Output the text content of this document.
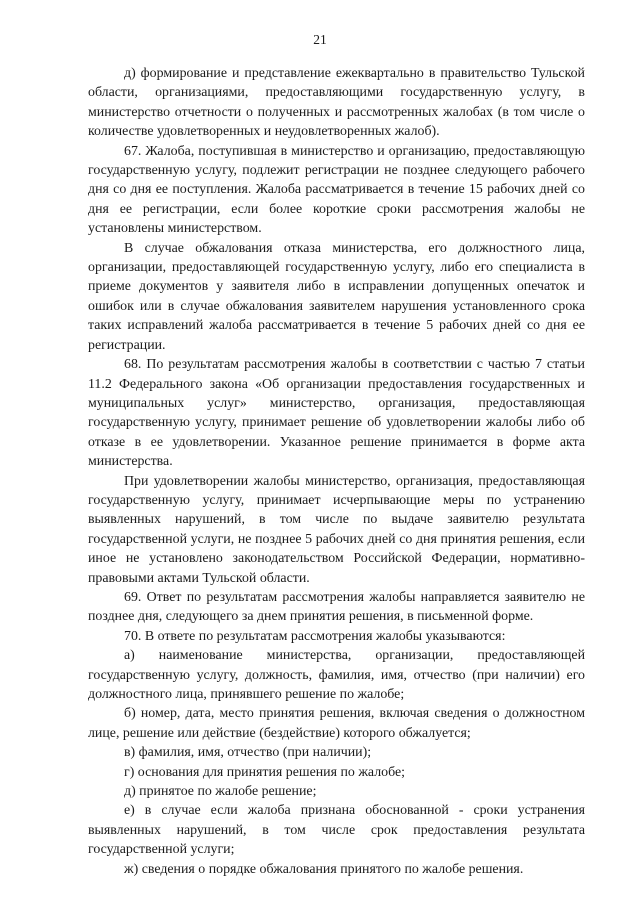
21

д) формирование и представление ежеквартально в правительство Тульской области, организациями, предоставляющими государственную услугу, в министерство отчетности о полученных и рассмотренных жалобах (в том числе о количестве удовлетворенных и неудовлетворенных жалоб).

67. Жалоба, поступившая в министерство и организацию, предоставляющую государственную услугу, подлежит регистрации не позднее следующего рабочего дня со дня ее поступления. Жалоба рассматривается в течение 15 рабочих дней со дня ее регистрации, если более короткие сроки рассмотрения жалобы не установлены министерством.

В случае обжалования отказа министерства, его должностного лица, организации, предоставляющей государственную услугу, либо его специалиста в приеме документов у заявителя либо в исправлении допущенных опечаток и ошибок или в случае обжалования заявителем нарушения установленного срока таких исправлений жалоба рассматривается в течение 5 рабочих дней со дня ее регистрации.

68. По результатам рассмотрения жалобы в соответствии с частью 7 статьи 11.2 Федерального закона «Об организации предоставления государственных и муниципальных услуг» министерство, организация, предоставляющая государственную услугу, принимает решение об удовлетворении жалобы либо об отказе в ее удовлетворении. Указанное решение принимается в форме акта министерства.

При удовлетворении жалобы министерство, организация, предоставляющая государственную услугу, принимает исчерпывающие меры по устранению выявленных нарушений, в том числе по выдаче заявителю результата государственной услуги, не позднее 5 рабочих дней со дня принятия решения, если иное не установлено законодательством Российской Федерации, нормативно-правовыми актами Тульской области.

69. Ответ по результатам рассмотрения жалобы направляется заявителю не позднее дня, следующего за днем принятия решения, в письменной форме.

70. В ответе по результатам рассмотрения жалобы указываются:

а) наименование министерства, организации, предоставляющей государственную услугу, должность, фамилия, имя, отчество (при наличии) его должностного лица, принявшего решение по жалобе;

б) номер, дата, место принятия решения, включая сведения о должностном лице, решение или действие (бездействие) которого обжалуется;

в) фамилия, имя, отчество (при наличии);

г) основания для принятия решения по жалобе;

д) принятое по жалобе решение;

е) в случае если жалоба признана обоснованной - сроки устранения выявленных нарушений, в том числе срок предоставления результата государственной услуги;

ж) сведения о порядке обжалования принятого по жалобе решения.
